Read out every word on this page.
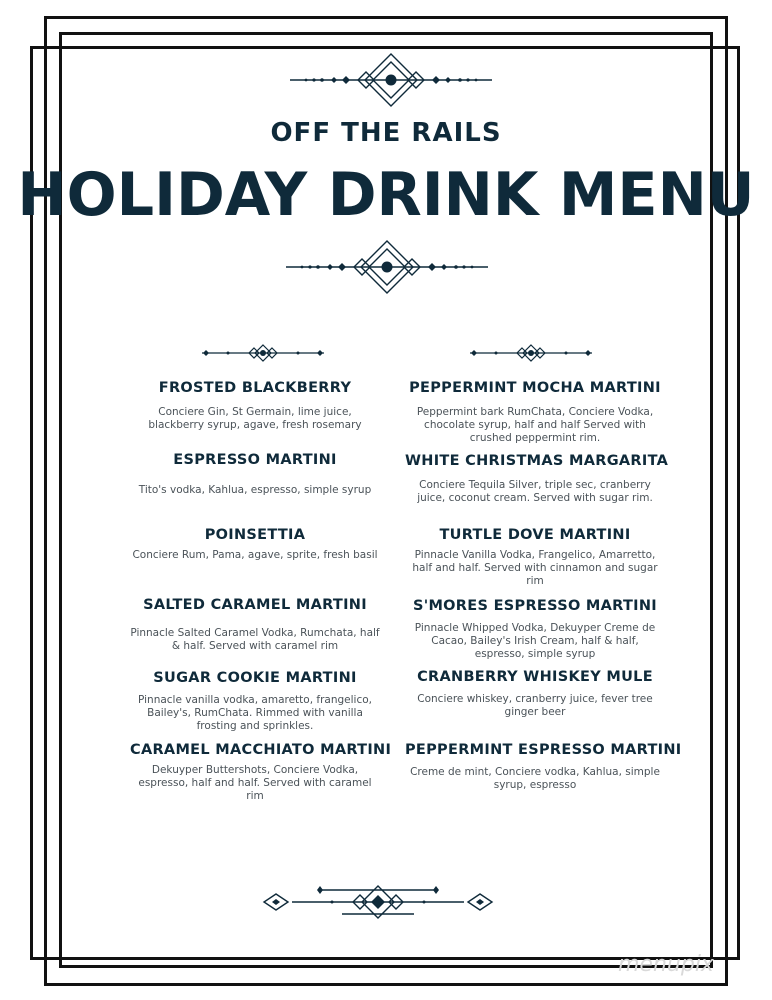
OFF THE RAILS
HOLIDAY DRINK MENU
FROSTED BLACKBERRY
Conciere Gin, St Germain, lime juice, blackberry syrup, agave, fresh rosemary
ESPRESSO MARTINI
Tito's vodka, Kahlua, espresso, simple syrup
POINSETTIA
Conciere Rum, Pama, agave, sprite, fresh basil
SALTED CARAMEL MARTINI
Pinnacle Salted Caramel Vodka, Rumchata, half & half. Served with caramel rim
SUGAR COOKIE MARTINI
Pinnacle vanilla vodka, amaretto, frangelico, Bailey's, RumChata. Rimmed with vanilla frosting and sprinkles.
CARAMEL MACCHIATO MARTINI
Dekuyper Buttershots, Conciere Vodka, espresso, half and half. Served with caramel rim
PEPPERMINT MOCHA MARTINI
Peppermint bark RumChata, Conciere Vodka, chocolate syrup, half and half Served with crushed peppermint rim.
WHITE CHRISTMAS MARGARITA
Conciere Tequila Silver, triple sec, cranberry juice, coconut cream. Served with sugar rim.
TURTLE DOVE MARTINI
Pinnacle Vanilla Vodka, Frangelico, Amarretto, half and half. Served with cinnamon and sugar rim
S'MORES ESPRESSO MARTINI
Pinnacle Whipped Vodka, Dekuyper Creme de Cacao, Bailey's Irish Cream, half & half, espresso, simple syrup
CRANBERRY WHISKEY MULE
Conciere whiskey, cranberry juice, fever tree ginger beer
PEPPERMINT ESPRESSO MARTINI
Creme de mint, Conciere vodka, Kahlua, simple syrup, espresso
menupix
